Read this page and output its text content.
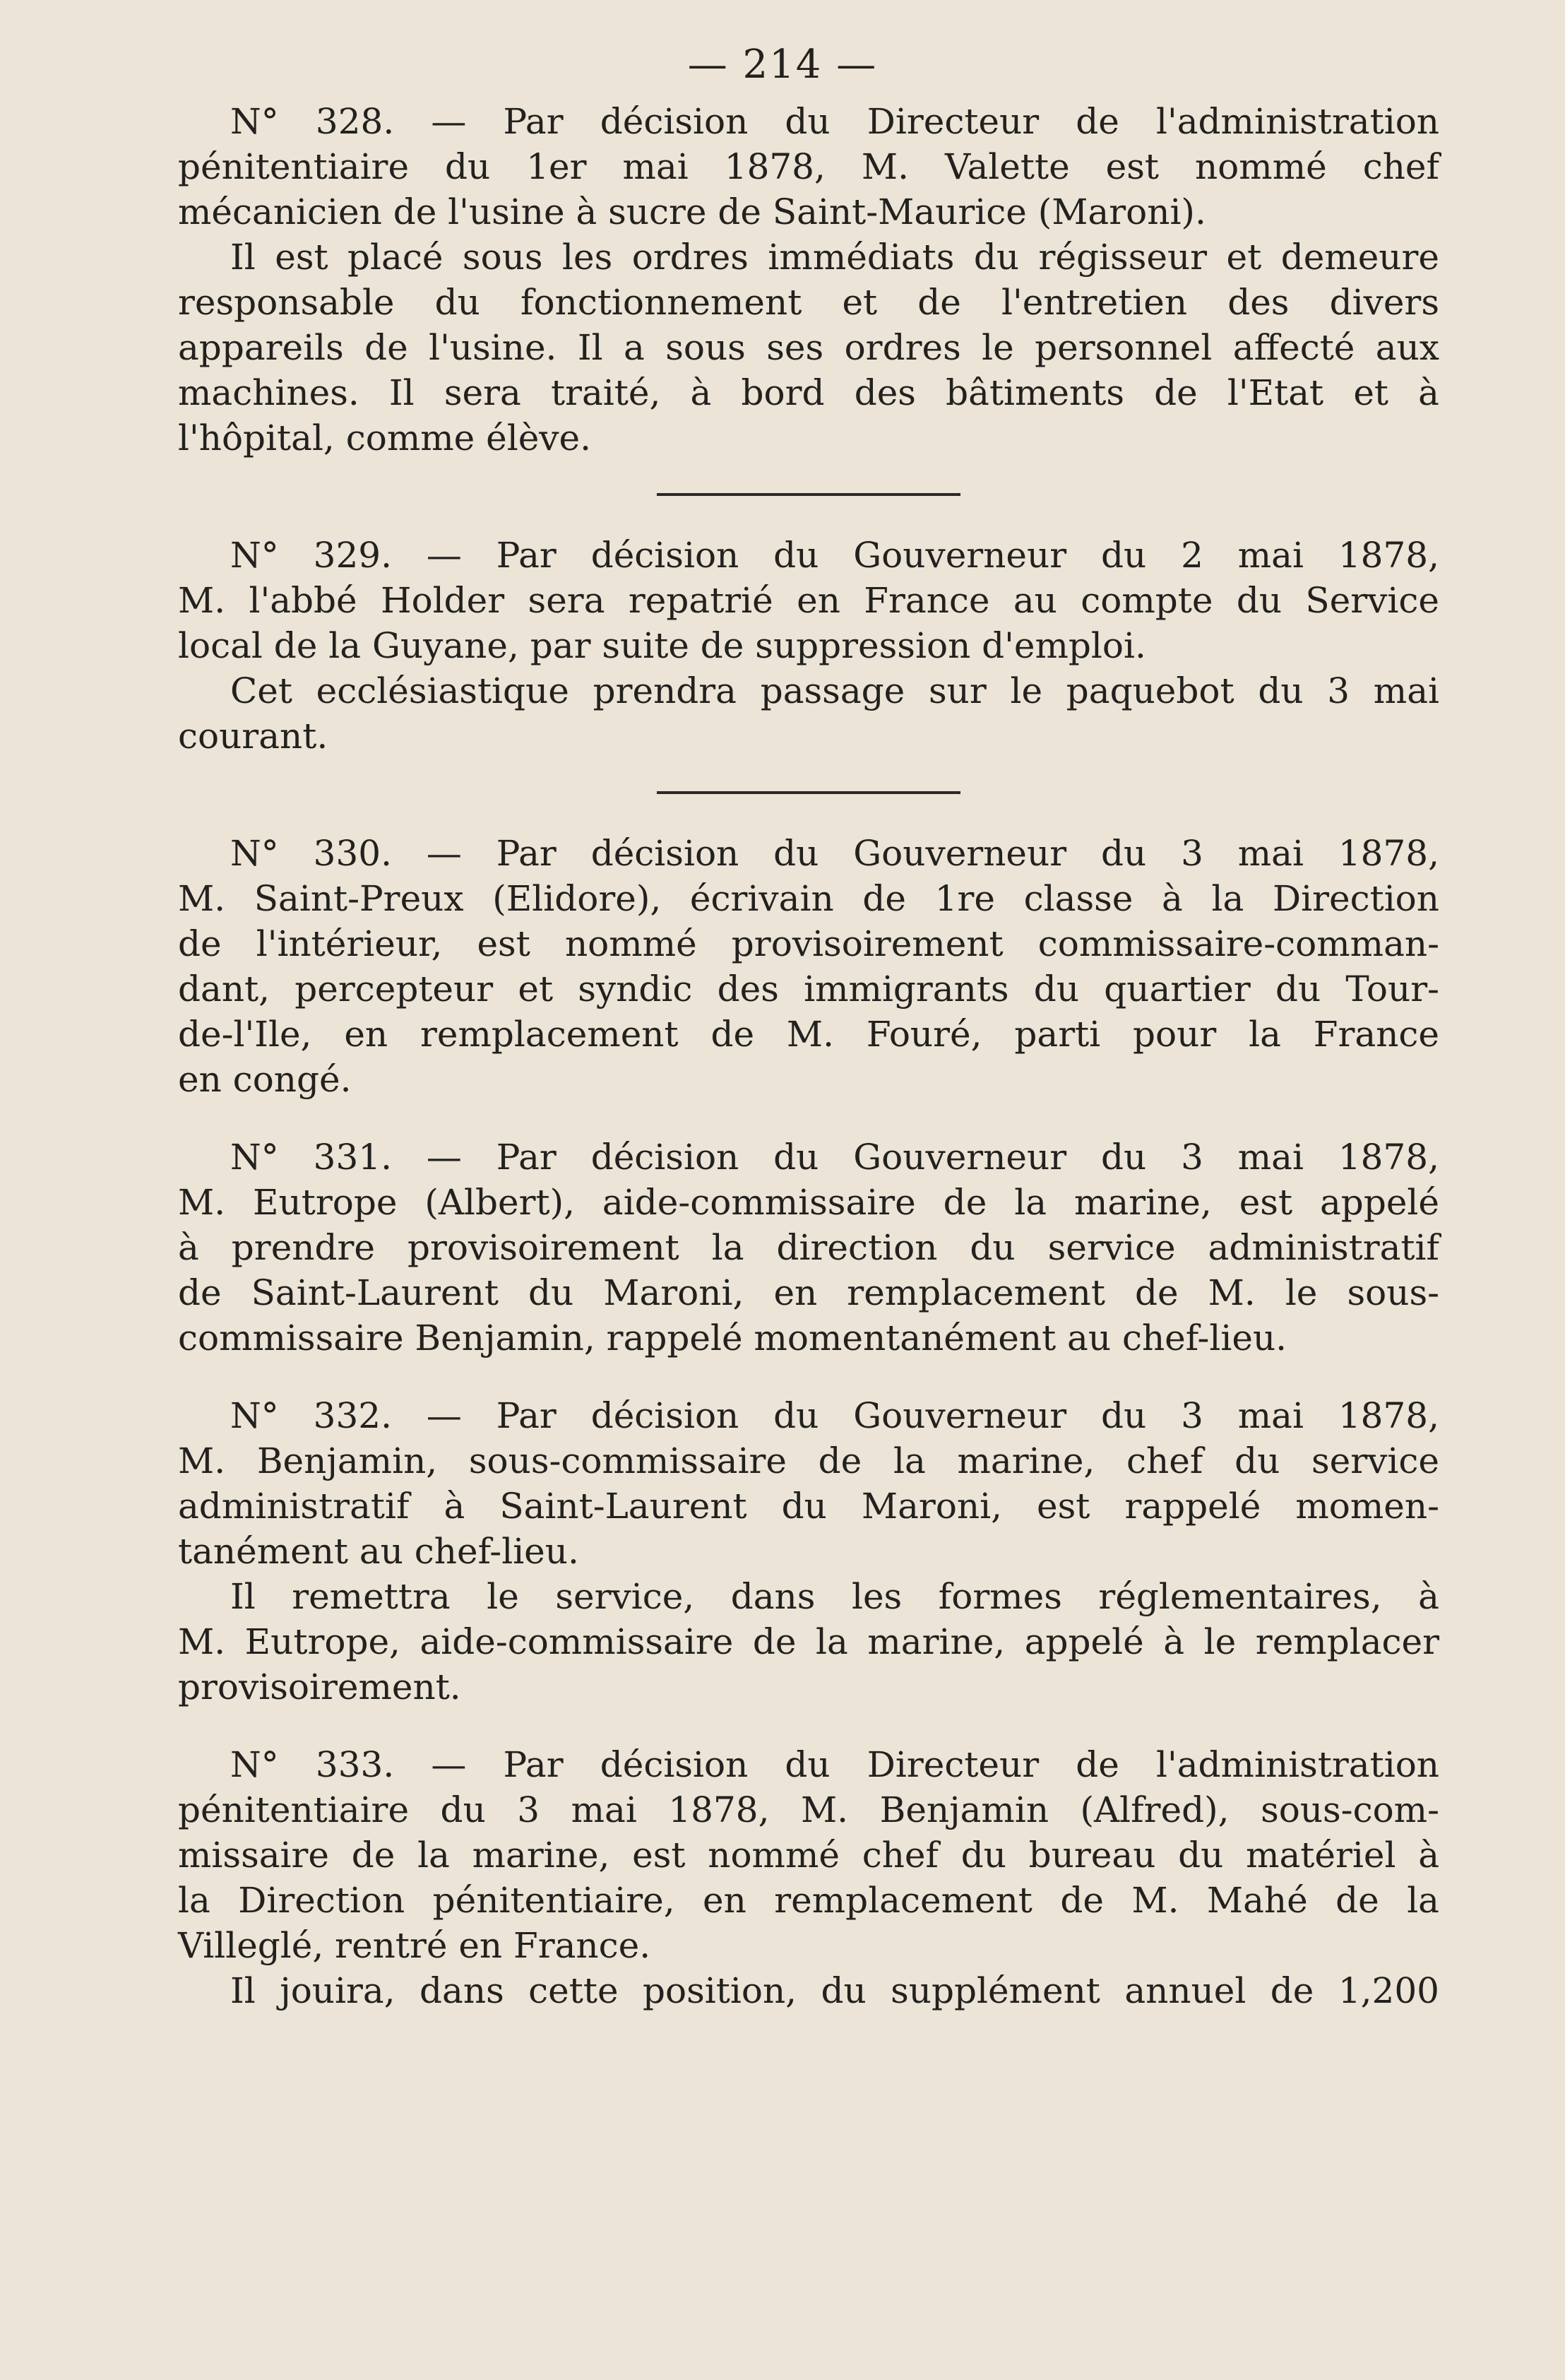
— 214 —

N° 328. — Par décision du Directeur de l'administration

pénitentiaire du 1er mai 1878, M. Valette est nommé chef

mécanicien de l'usine à sucre de Saint-Maurice (Maroni).

Il est placé sous les ordres immédiats du régisseur et demeure

responsable du fonctionnement et de l'entretien des divers

appareils de l'usine. Il a sous ses ordres le personnel affecté aux

machines. Il sera traité, à bord des bâtiments de l'Etat et à

l'hôpital, comme élève.

N° 329. — Par décision du Gouverneur du 2 mai 1878,

M. l'abbé Holder sera repatrié en France au compte du Service

local de la Guyane, par suite de suppression d'emploi.

Cet ecclésiastique prendra passage sur le paquebot du 3 mai

courant.

N° 330. — Par décision du Gouverneur du 3 mai 1878,

M. Saint-Preux (Elidore), écrivain de 1re classe à la Direction

de l'intérieur, est nommé provisoirement commissaire-comman-

dant, percepteur et syndic des immigrants du quartier du Tour-

de-l'Ile, en remplacement de M. Fouré, parti pour la France

en congé.

N° 331. — Par décision du Gouverneur du 3 mai 1878,

M. Eutrope (Albert), aide-commissaire de la marine, est appelé

à prendre provisoirement la direction du service administratif

de Saint-Laurent du Maroni, en remplacement de M. le sous-

commissaire Benjamin, rappelé momentanément au chef-lieu.

N° 332. — Par décision du Gouverneur du 3 mai 1878,

M. Benjamin, sous-commissaire de la marine, chef du service

administratif à Saint-Laurent du Maroni, est rappelé momen-

tanément au chef-lieu.

Il remettra le service, dans les formes réglementaires, à

M. Eutrope, aide-commissaire de la marine, appelé à le remplacer

provisoirement.

N° 333. — Par décision du Directeur de l'administration

pénitentiaire du 3 mai 1878, M. Benjamin (Alfred), sous-com-

missaire de la marine, est nommé chef du bureau du matériel à

la Direction pénitentiaire, en remplacement de M. Mahé de la

Villeglé, rentré en France.

Il jouira, dans cette position, du supplément annuel de 1,200
